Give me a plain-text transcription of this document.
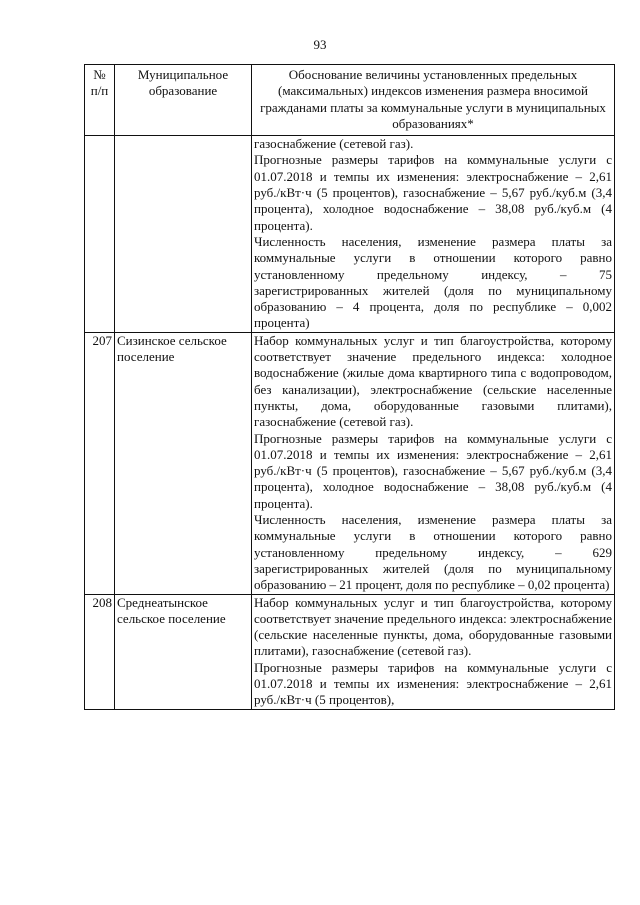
93
№ п/п	Муниципальное образование	Обоснование величины установленных предельных (максимальных) индексов изменения размера вносимой гражданами платы за коммунальные услуги в муниципальных образованиях*

		газоснабжение (сетевой газ).

Прогнозные размеры тарифов на коммунальные услуги с 01.07.2018 и темпы их изменения: электроснабжение – 2,61 руб./кВт·ч (5 процентов), газоснабжение – 5,67 руб./куб.м (3,4 процента), холодное водоснабжение – 38,08 руб./куб.м (4 процента).

Численность населения, изменение размера платы за коммунальные услуги в отношении которого равно установленному предельному индексу, – 75 зарегистрированных жителей (доля по муниципальному образованию – 4 процента, доля по республике – 0,002 процента)

207	Сизинское сельское поселение	Набор коммунальных услуг и тип благоустройства, которому соответствует значение предельного индекса: холодное водоснабжение (жилые дома квартирного типа с водопроводом, без канализации), электроснабжение (сельские населенные пункты, дома, оборудованные газовыми плитами), газоснабжение (сетевой газ).

Прогнозные размеры тарифов на коммунальные услуги с 01.07.2018 и темпы их изменения: электроснабжение – 2,61 руб./кВт·ч (5 процентов), газоснабжение – 5,67 руб./куб.м (3,4 процента), холодное водоснабжение – 38,08 руб./куб.м (4 процента).

Численность населения, изменение размера платы за коммунальные услуги в отношении которого равно установленному предельному индексу, – 629 зарегистрированных жителей (доля по муниципальному образованию – 21 процент, доля по республике – 0,02 процента)

208	Среднеатынское сельское поселение	Набор коммунальных услуг и тип благоустройства, которому соответствует значение предельного индекса: электроснабжение (сельские населенные пункты, дома, оборудованные газовыми плитами), газоснабжение (сетевой газ).

Прогнозные размеры тарифов на коммунальные услуги с 01.07.2018 и темпы их изменения: электроснабжение – 2,61 руб./кВт·ч (5 процентов),
